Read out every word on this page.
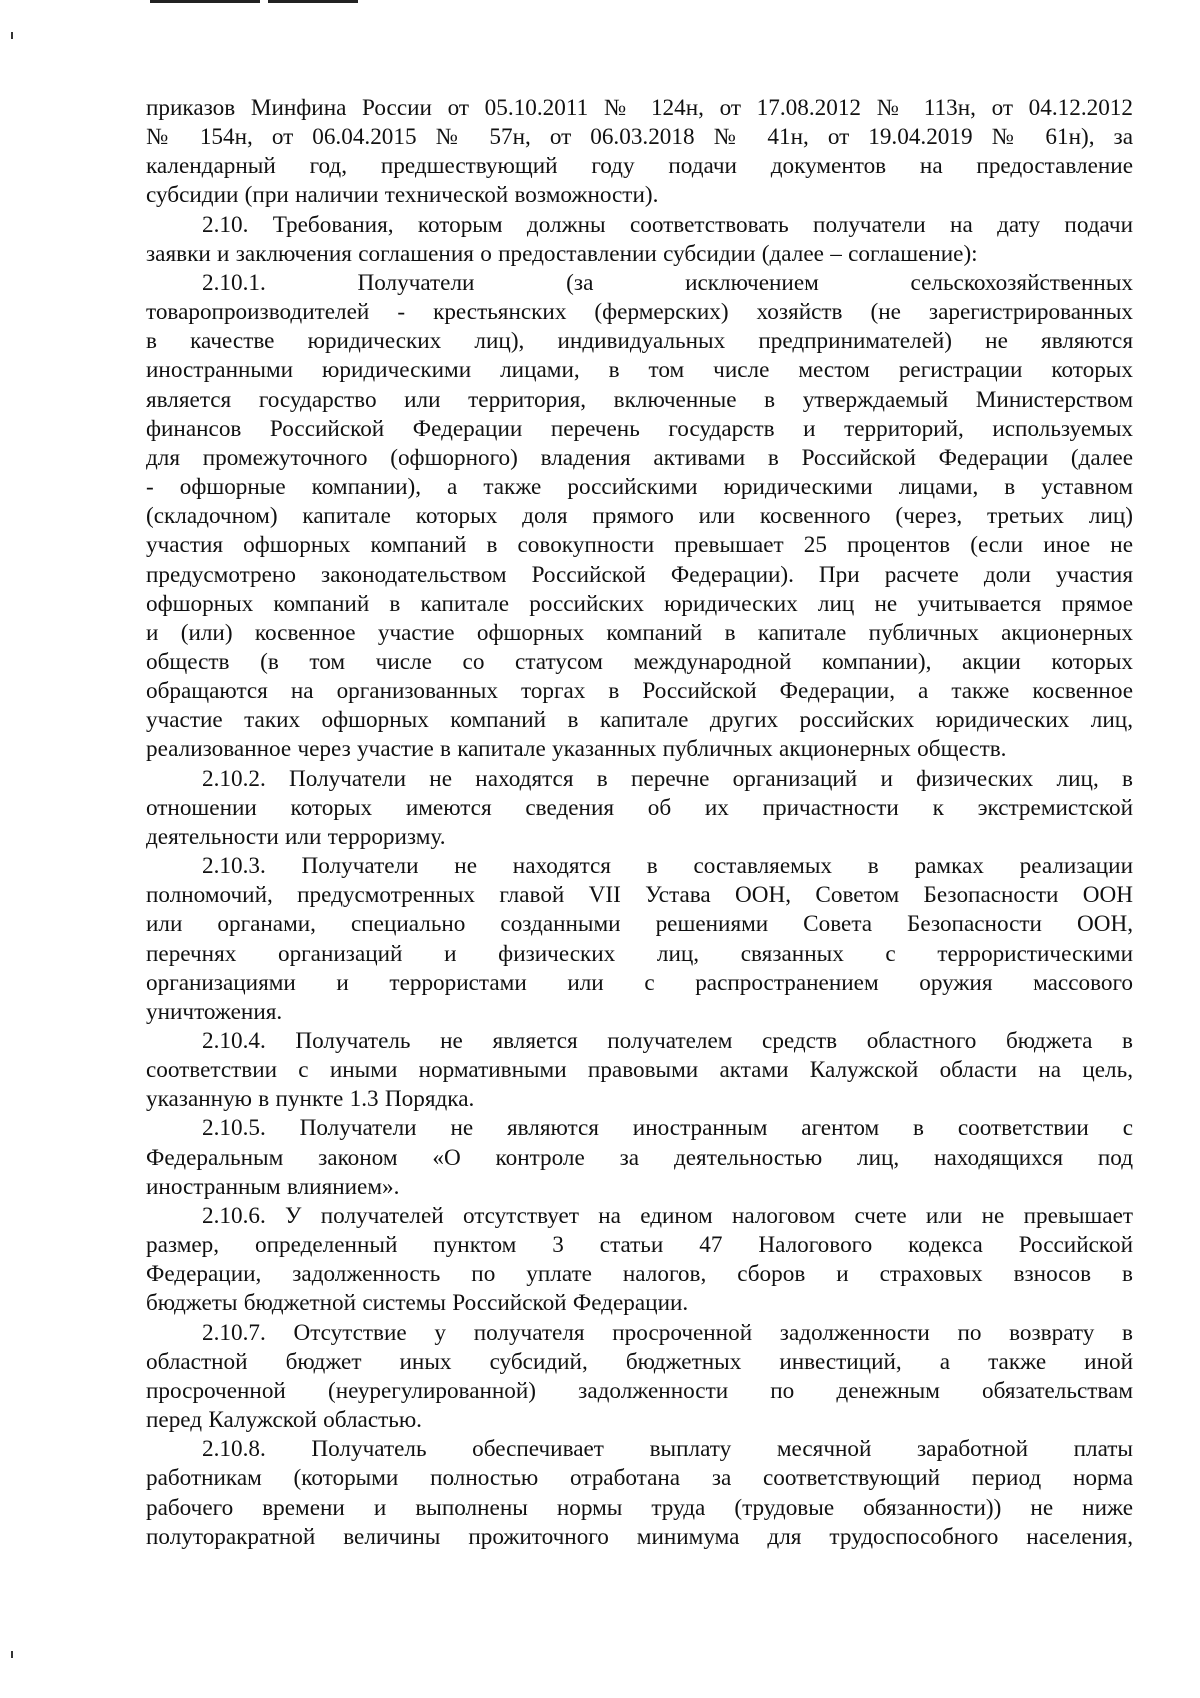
приказов Минфина России от 05.10.2011 № 124н, от 17.08.2012 № 113н, от 04.12.2012

№ 154н, от 06.04.2015 № 57н, от 06.03.2018 № 41н, от 19.04.2019 № 61н), за

календарный год, предшествующий году подачи документов на предоставление

субсидии (при наличии технической возможности).

2.10. Требования, которым должны соответствовать получатели на дату подачи

заявки и заключения соглашения о предоставлении субсидии (далее – соглашение):

2.10.1. Получатели (за исключением сельскохозяйственных

товаропроизводителей - крестьянских (фермерских) хозяйств (не зарегистрированных

в качестве юридических лиц), индивидуальных предпринимателей) не являются

иностранными юридическими лицами, в том числе местом регистрации которых

является государство или территория, включенные в утверждаемый Министерством

финансов Российской Федерации перечень государств и территорий, используемых

для промежуточного (офшорного) владения активами в Российской Федерации (далее

- офшорные компании), а также российскими юридическими лицами, в уставном

(складочном) капитале которых доля прямого или косвенного (через, третьих лиц)

участия офшорных компаний в совокупности превышает 25 процентов (если иное не

предусмотрено законодательством Российской Федерации). При расчете доли участия

офшорных компаний в капитале российских юридических лиц не учитывается прямое

и (или) косвенное участие офшорных компаний в капитале публичных акционерных

обществ (в том числе со статусом международной компании), акции которых

обращаются на организованных торгах в Российской Федерации, а также косвенное

участие таких офшорных компаний в капитале других российских юридических лиц,

реализованное через участие в капитале указанных публичных акционерных обществ.

2.10.2. Получатели не находятся в перечне организаций и физических лиц, в

отношении которых имеются сведения об их причастности к экстремистской

деятельности или терроризму.

2.10.3. Получатели не находятся в составляемых в рамках реализации

полномочий, предусмотренных главой VII Устава ООН, Советом Безопасности ООН

или органами, специально созданными решениями Совета Безопасности ООН,

перечнях организаций и физических лиц, связанных с террористическими

организациями и террористами или с распространением оружия массового

уничтожения.

2.10.4. Получатель не является получателем средств областного бюджета в

соответствии с иными нормативными правовыми актами Калужской области на цель,

указанную в пункте 1.3 Порядка.

2.10.5. Получатели не являются иностранным агентом в соответствии с

Федеральным законом «О контроле за деятельностью лиц, находящихся под

иностранным влиянием».

2.10.6. У получателей отсутствует на едином налоговом счете или не превышает

размер, определенный пунктом 3 статьи 47 Налогового кодекса Российской

Федерации, задолженность по уплате налогов, сборов и страховых взносов в

бюджеты бюджетной системы Российской Федерации.

2.10.7. Отсутствие у получателя просроченной задолженности по возврату в

областной бюджет иных субсидий, бюджетных инвестиций, а также иной

просроченной (неурегулированной) задолженности по денежным обязательствам

перед Калужской областью.

2.10.8. Получатель обеспечивает выплату месячной заработной платы

работникам (которыми полностью отработана за соответствующий период норма

рабочего времени и выполнены нормы труда (трудовые обязанности)) не ниже

полуторакратной величины прожиточного минимума для трудоспособного населения,
